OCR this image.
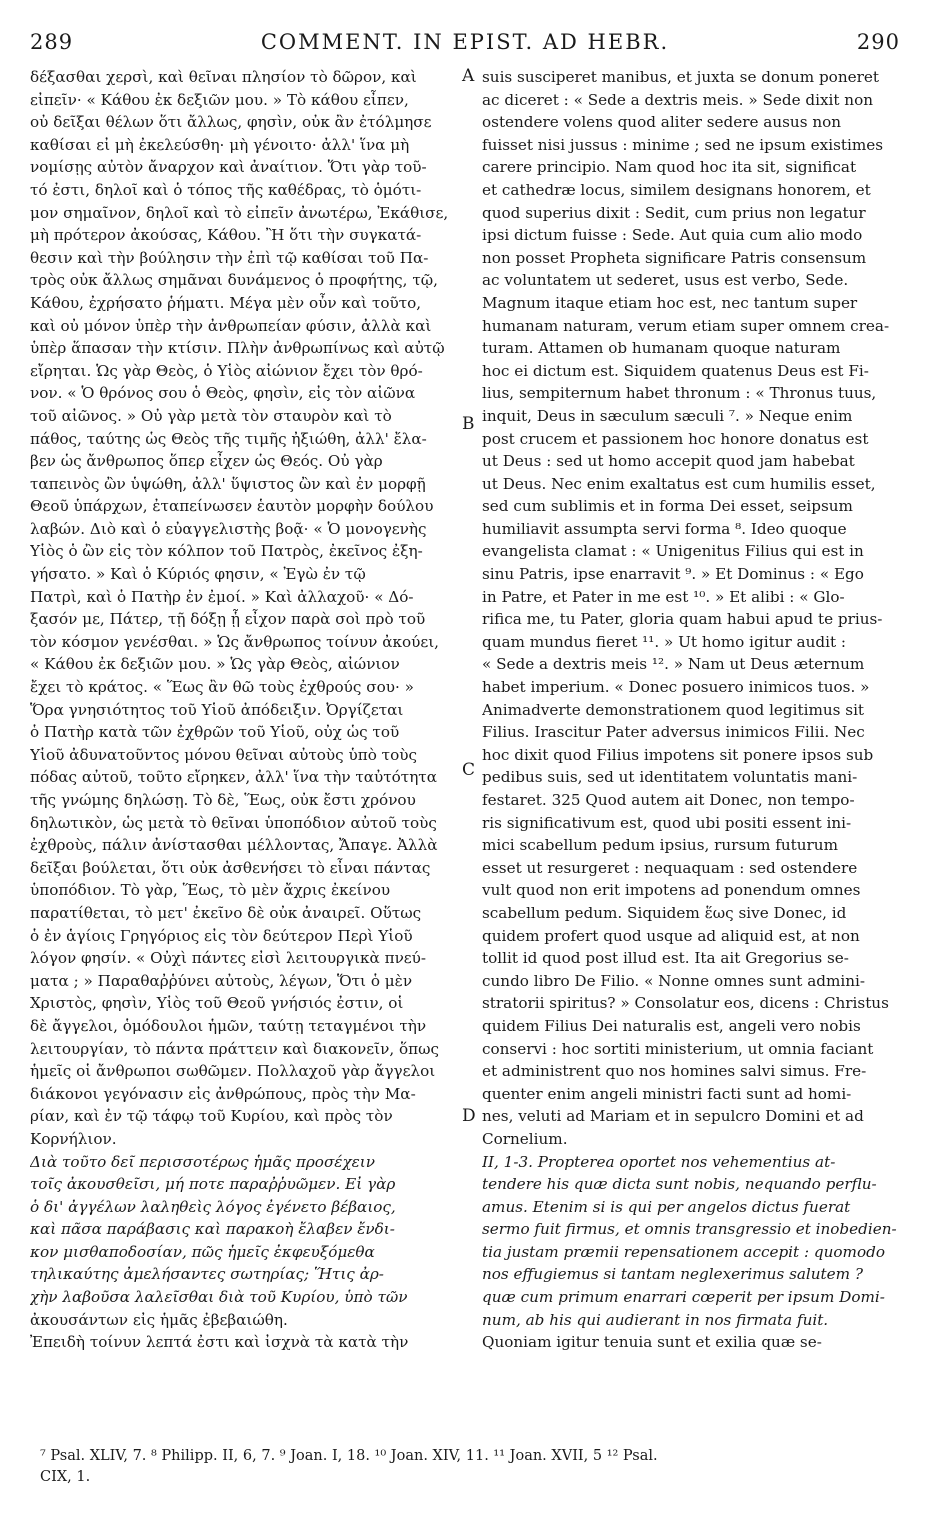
289	COMMENT. IN EPIST. AD HEBR.	290
δέξασθαι χερσὶ, καὶ θεῖναι πλησίον τὸ δῶρον, καὶ
εἰπεῖν· « Κάθου ἐκ δεξιῶν μου. » Τὸ κάθου εἶπεν,
οὐ δεῖξαι θέλων ὅτι ἄλλως, φησὶν, οὐκ ἂν ἐτόλμησε
καθίσαι εἰ μὴ ἐκελεύσθη· μὴ γένοιτο· ἀλλ' ἵνα μὴ
νομίσῃς αὐτὸν ἄναρχον καὶ ἀναίτιον. Ὅτι γὰρ τοῦ-
τό ἐστι, δηλοῖ καὶ ὁ τόπος τῆς καθέδρας, τὸ ὁμότι-
μον σημαῖνον, δηλοῖ καὶ τὸ εἰπεῖν ἀνωτέρω, Ἐκάθισε,
μὴ πρότερον ἀκούσας, Κάθου. Ἢ ὅτι τὴν συγκατά-
θεσιν καὶ τὴν βούλησιν τὴν ἐπὶ τῷ καθίσαι τοῦ Πα-
τρὸς οὐκ ἄλλως σημᾶναι δυνάμενος ὁ προφήτης, τῷ,
Κάθου, ἐχρήσατο ῥήματι. Μέγα μὲν οὖν καὶ τοῦτο,
καὶ οὐ μόνον ὑπὲρ τὴν ἀνθρωπείαν φύσιν, ἀλλὰ καὶ
ὑπὲρ ἅπασαν τὴν κτίσιν. Πλὴν ἀνθρωπίνως καὶ αὐτῷ
εἴρηται. Ὡς γὰρ Θεὸς, ὁ Υἱὸς αἰώνιον ἔχει τὸν θρό-
νον. « Ὁ θρόνος σου ὁ Θεὸς, φησὶν, εἰς τὸν αἰῶνα
τοῦ αἰῶνος. » Οὐ γὰρ μετὰ τὸν σταυρὸν καὶ τὸ
πάθος, ταύτης ὡς Θεὸς τῆς τιμῆς ἠξιώθη, ἀλλ' ἔλα-
βεν ὡς ἄνθρωπος ὅπερ εἶχεν ὡς Θεός. Οὐ γὰρ
ταπεινὸς ὢν ὑψώθη, ἀλλ' ὕψιστος ὢν καὶ ἐν μορφῇ
Θεοῦ ὑπάρχων, ἐταπείνωσεν ἑαυτὸν μορφὴν δούλου
λαβών. Διὸ καὶ ὁ εὐαγγελιστὴς βοᾷ· « Ὁ μονογενὴς
Υἱὸς ὁ ὢν εἰς τὸν κόλπον τοῦ Πατρὸς, ἐκεῖνος ἐξη-
γήσατο. » Καὶ ὁ Κύριός φησιν, « Ἐγὼ ἐν τῷ
Πατρὶ, καὶ ὁ Πατὴρ ἐν ἐμοί. » Καὶ ἀλλαχοῦ· « Δό-
ξασόν με, Πάτερ, τῇ δόξῃ ᾗ εἶχον παρὰ σοὶ πρὸ τοῦ
τὸν κόσμον γενέσθαι. » Ὡς ἄνθρωπος τοίνυν ἀκούει,
« Κάθου ἐκ δεξιῶν μου. » Ὡς γὰρ Θεὸς, αἰώνιον
ἔχει τὸ κράτος. « Ἕως ἂν θῶ τοὺς ἐχθρούς σου· »
Ὅρα γνησιότητος τοῦ Υἱοῦ ἀπόδειξιν. Ὀργίζεται
ὁ Πατὴρ κατὰ τῶν ἐχθρῶν τοῦ Υἱοῦ, οὐχ ὡς τοῦ
Υἱοῦ ἀδυνατοῦντος μόνου θεῖναι αὐτοὺς ὑπὸ τοὺς
πόδας αὐτοῦ, τοῦτο εἴρηκεν, ἀλλ' ἵνα τὴν ταὐτότητα
τῆς γνώμης δηλώσῃ. Τὸ δὲ, Ἕως, οὐκ ἔστι χρόνου
δηλωτικὸν, ὡς μετὰ τὸ θεῖναι ὑποπόδιον αὐτοῦ τοὺς
ἐχθροὺς, πάλιν ἀνίστασθαι μέλλοντας, Ἄπαγε. Ἀλλὰ
δεῖξαι βούλεται, ὅτι οὐκ ἀσθενήσει τὸ εἶναι πάντας
ὑποπόδιον. Τὸ γὰρ, Ἕως, τὸ μὲν ἄχρις ἐκείνου
παρατίθεται, τὸ μετ' ἐκεῖνο δὲ οὐκ ἀναιρεῖ. Οὕτως
ὁ ἐν ἁγίοις Γρηγόριος εἰς τὸν δεύτερον Περὶ Υἱοῦ
λόγον φησίν. « Οὐχὶ πάντες εἰσὶ λειτουργικὰ πνεύ-
ματα ; » Παραθαῤῥύνει αὐτοὺς, λέγων, Ὅτι ὁ μὲν
Χριστὸς, φησὶν, Υἱὸς τοῦ Θεοῦ γνήσιός ἐστιν, οἱ
δὲ ἄγγελοι, ὁμόδουλοι ἡμῶν, ταύτῃ τεταγμένοι τὴν
λειτουργίαν, τὸ πάντα πράττειν καὶ διακονεῖν, ὅπως
ἡμεῖς οἱ ἄνθρωποι σωθῶμεν. Πολλαχοῦ γὰρ ἄγγελοι
διάκονοι γεγόνασιν εἰς ἀνθρώπους, πρὸς τὴν Μα-
ρίαν, καὶ ἐν τῷ τάφῳ τοῦ Κυρίου, καὶ πρὸς τὸν
Κορνήλιον.
Διὰ τοῦτο δεῖ περισσοτέρως ἡμᾶς προσέχειν
τοῖς ἀκουσθεῖσι, μή ποτε παραῤῥυῶμεν. Εἰ γὰρ
ὁ δι' ἀγγέλων λαληθεὶς λόγος ἐγένετο βέβαιος,
καὶ πᾶσα παράβασις καὶ παρακοὴ ἔλαβεν ἔνδι-
κον μισθαποδοσίαν, πῶς ἡμεῖς ἐκφευξόμεθα
τηλικαύτης ἀμελήσαντες σωτηρίας; Ἥτις ἀρ-
χὴν λαβοῦσα λαλεῖσθαι διὰ τοῦ Κυρίου, ὑπὸ τῶν
ἀκουσάντων εἰς ἡμᾶς ἐβεβαιώθη.
Ἐπειδὴ τοίνυν λεπτά ἐστι καὶ ἰσχνὰ τὰ κατὰ τὴν
suis susciperet manibus, et juxta se donum poneret
ac diceret : « Sede a dextris meis. » Sede dixit non
ostendere volens quod aliter sedere ausus non
fuisset nisi jussus : minime ; sed ne ipsum existimes
carere principio. Nam quod hoc ita sit, significat
et cathedræ locus, similem designans honorem, et
quod superius dixit : Sedit, cum prius non legatur
ipsi dictum fuisse : Sede. Aut quia cum alio modo
non posset Propheta significare Patris consensum
ac voluntatem ut sederet, usus est verbo, Sede.
Magnum itaque etiam hoc est, nec tantum super
humanam naturam, verum etiam super omnem crea-
turam. Attamen ob humanam quoque naturam
hoc ei dictum est. Siquidem quatenus Deus est Fi-
lius, sempiternum habet thronum : « Thronus tuus,
inquit, Deus in sæculum sæculi ⁷. » Neque enim
post crucem et passionem hoc honore donatus est
ut Deus : sed ut homo accepit quod jam habebat
ut Deus. Nec enim exaltatus est cum humilis esset,
sed cum sublimis et in forma Dei esset, seipsum
humiliavit assumpta servi forma ⁸. Ideo quoque
evangelista clamat : « Unigenitus Filius qui est in
sinu Patris, ipse enarravit ⁹. » Et Dominus : « Ego
in Patre, et Pater in me est ¹⁰. » Et alibi : « Glo-
rifica me, tu Pater, gloria quam habui apud te prius-
quam mundus fieret ¹¹. » Ut homo igitur audit :
« Sede a dextris meis ¹². » Nam ut Deus æternum
habet imperium. « Donec posuero inimicos tuos. »
Animadverte demonstrationem quod legitimus sit
Filius. Irascitur Pater adversus inimicos Filii. Nec
hoc dixit quod Filius impotens sit ponere ipsos sub
pedibus suis, sed ut identitatem voluntatis mani-
festaret. 325 Quod autem ait Donec, non tempo-
ris significativum est, quod ubi positi essent ini-
mici scabellum pedum ipsius, rursum futurum
esset ut resurgeret : nequaquam : sed ostendere
vult quod non erit impotens ad ponendum omnes
scabellum pedum. Siquidem ἕως sive Donec, id
quidem profert quod usque ad aliquid est, at non
tollit id quod post illud est. Ita ait Gregorius se-
cundo libro De Filio. « Nonne omnes sunt admini-
stratorii spiritus? » Consolatur eos, dicens : Christus
quidem Filius Dei naturalis est, angeli vero nobis
conservi : hoc sortiti ministerium, ut omnia faciant
et administrent quo nos homines salvi simus. Fre-
quenter enim angeli ministri facti sunt ad homi-
nes, veluti ad Mariam et in sepulcro Domini et ad
Cornelium.
II, 1-3. Propterea oportet nos vehementius at-
tendere his quæ dicta sunt nobis, nequando perflu-
amus. Etenim si is qui per angelos dictus fuerat
sermo fuit firmus, et omnis transgressio et inobedien-
tia justam præmii repensationem accepit : quomodo
nos effugiemus si tantam neglexerimus salutem ?
quæ cum primum enarrari cœperit per ipsum Domi-
num, ab his qui audierant in nos firmata fuit.
Quoniam igitur tenuia sunt et exilia quæ se-
A
B
C
D
⁷ Psal. XLIV, 7. ⁸ Philipp. II, 6, 7. ⁹ Joan. I, 18. ¹⁰ Joan. XIV, 11. ¹¹ Joan. XVII, 5 ¹² Psal.
CIX, 1.
